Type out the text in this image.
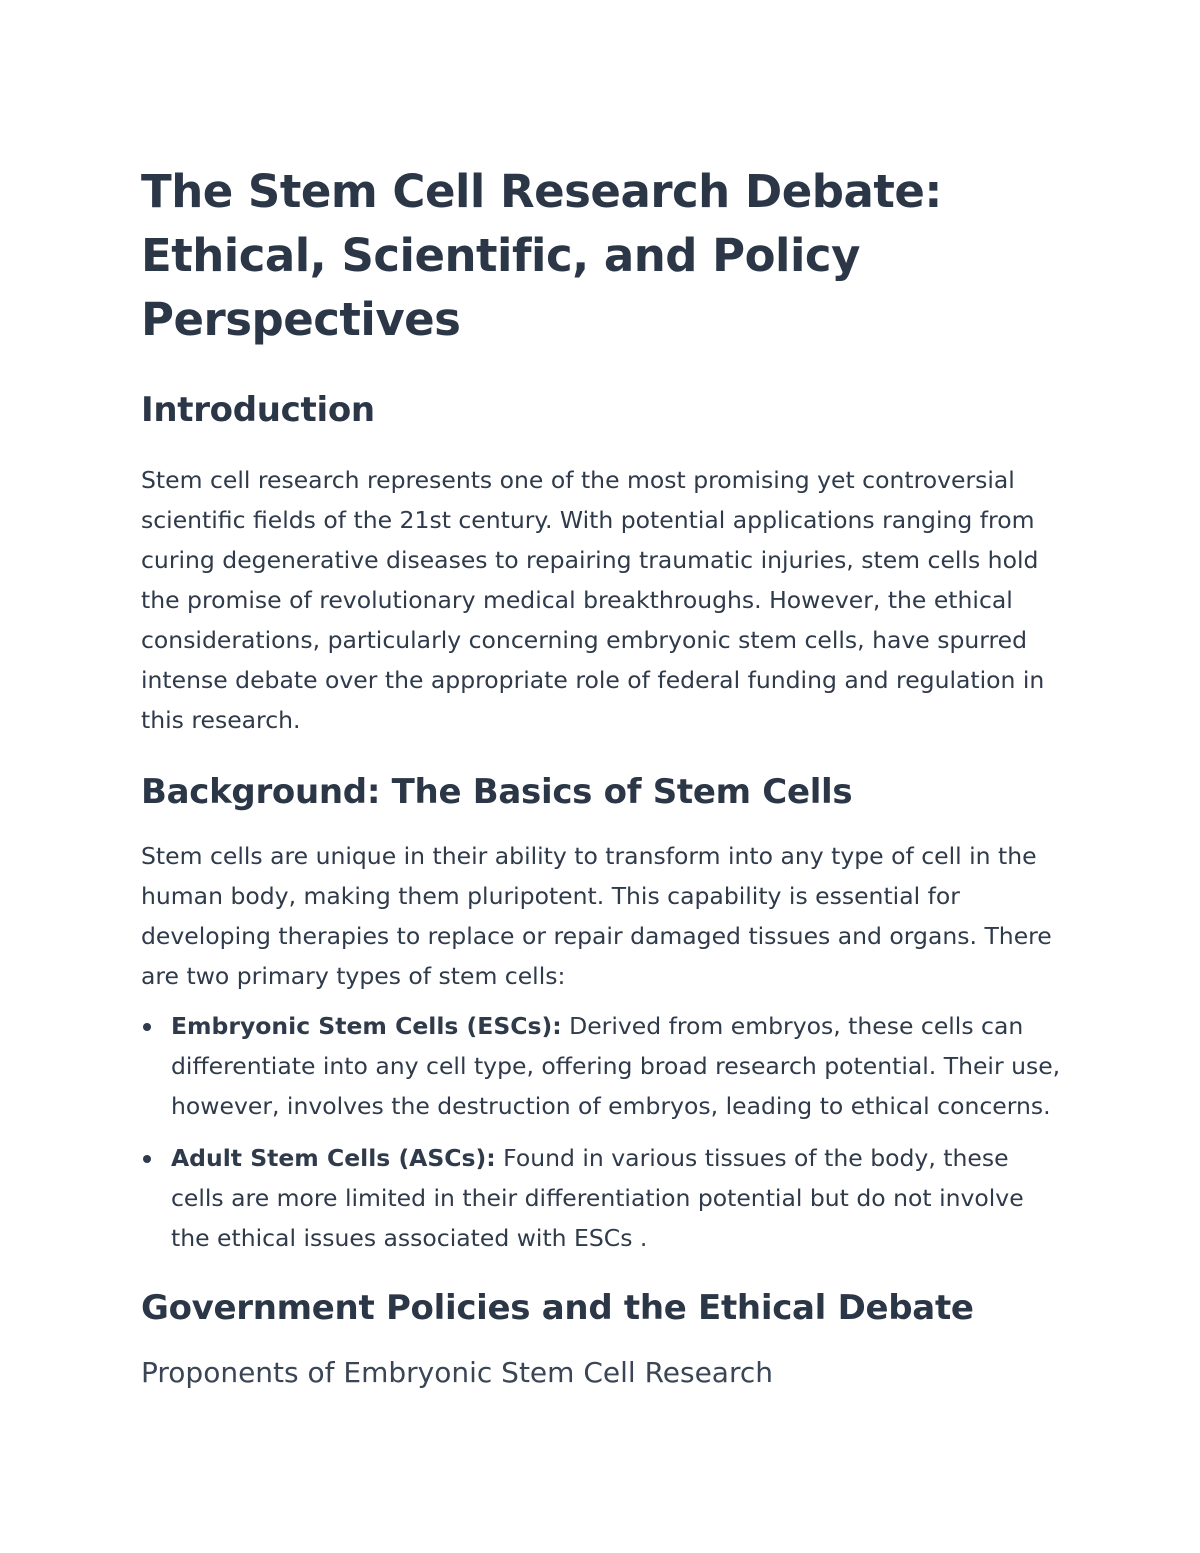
The Stem Cell Research Debate: Ethical, Scientific, and Policy Perspectives
Introduction

Stem cell research represents one of the most promising yet controversial scientific fields of the 21st century. With potential applications ranging from curing degenerative diseases to repairing traumatic injuries, stem cells hold the promise of revolutionary medical breakthroughs. However, the ethical considerations, particularly concerning embryonic stem cells, have spurred intense debate over the appropriate role of federal funding and regulation in this research.

Background: The Basics of Stem Cells

Stem cells are unique in their ability to transform into any type of cell in the human body, making them pluripotent. This capability is essential for developing therapies to replace or repair damaged tissues and organs. There are two primary types of stem cells:

Embryonic Stem Cells (ESCs): Derived from embryos, these cells can differentiate into any cell type, offering broad research potential. Their use, however, involves the destruction of embryos, leading to ethical concerns.
Adult Stem Cells (ASCs): Found in various tissues of the body, these cells are more limited in their differentiation potential but do not involve the ethical issues associated with ESCs .
Government Policies and the Ethical Debate
Proponents of Embryonic Stem Cell Research
